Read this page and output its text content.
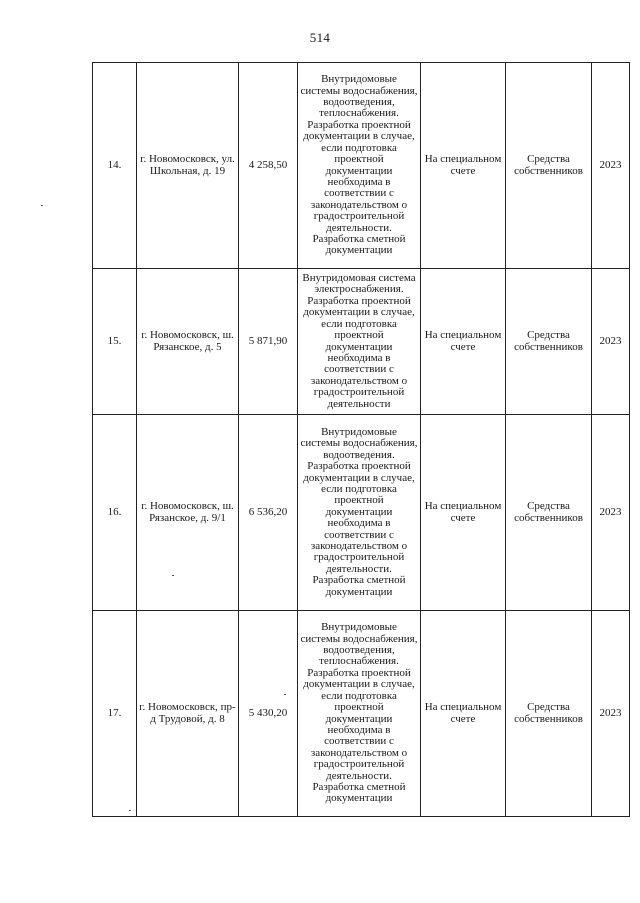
514
14.	г. Новомосковск, ул. Школьная, д. 19	4 258,50	Внутридомовые системы водоснабжения, водоотведения, теплоснабжения. Разработка проектной документации в случае, если подготовка проектной документации необходима в соответствии с законодательством о градостроительной деятельности. Разработка сметной документации	На специальном счете	Средства собственников	2023
15.	г. Новомосковск, ш. Рязанское, д. 5	5 871,90	Внутридомовая система электроснабжения. Разработка проектной документации в случае, если подготовка проектной документации необходима в соответствии с законодательством о градостроительной деятельности	На специальном счете	Средства собственников	2023
16.	г. Новомосковск, ш. Рязанское, д. 9/1	6 536,20	Внутридомовые системы водоснабжения, водоотведения. Разработка проектной документации в случае, если подготовка проектной документации необходима в соответствии с законодательством о градостроительной деятельности. Разработка сметной документации	На специальном счете	Средства собственников	2023
17.	г. Новомосковск, пр-д Трудовой, д. 8	5 430,20	Внутридомовые системы водоснабжения, водоотведения, теплоснабжения. Разработка проектной документации в случае, если подготовка проектной документации необходима в соответствии с законодательством о градостроительной деятельности. Разработка сметной документации	На специальном счете	Средства собственников	2023
